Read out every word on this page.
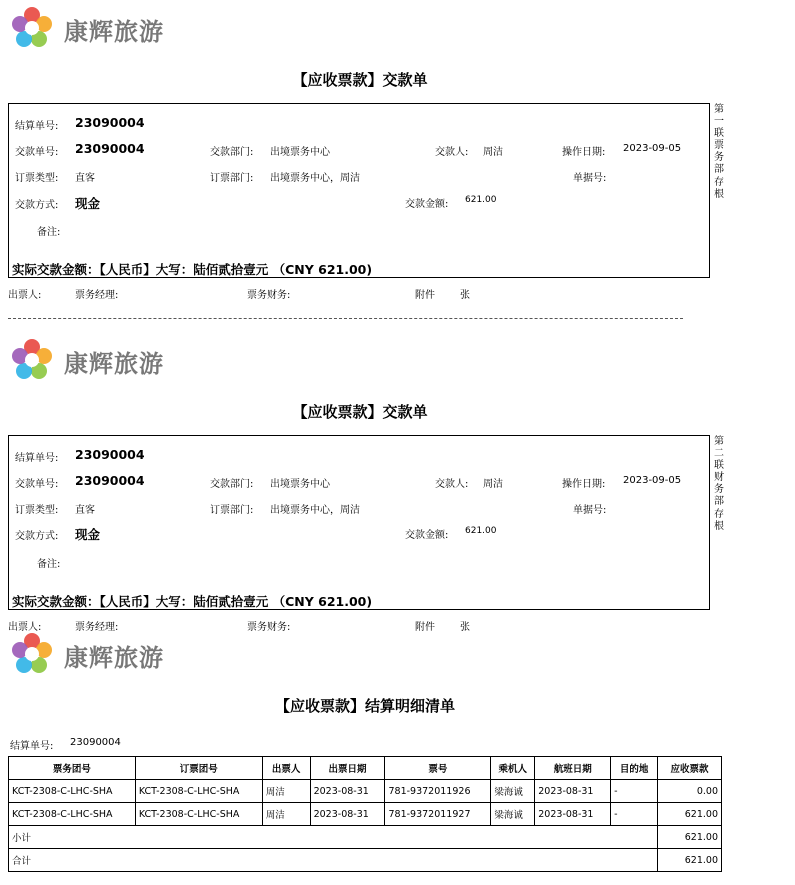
康辉旅游
【应收票款】交款单
结算单号: 23090004
交款单号: 23090004	交款部门: 出境票务中心	交款人: 周洁	操作日期: 2023-09-05
订票类型: 直客	订票部门: 出境票务中心，周洁	单据号:
交款方式: 现金	交款金额: 621.00
备注:
实际交款金额：【人民币】大写：陆佰贰拾壹元 （CNY 621.00)
第一联票务部存根
出票人:	票务经理:	票务财务:	附件	张
康辉旅游
【应收票款】交款单
结算单号: 23090004
交款单号: 23090004	交款部门: 出境票务中心	交款人: 周洁	操作日期: 2023-09-05
订票类型: 直客	订票部门: 出境票务中心，周洁	单据号:
交款方式: 现金	交款金额: 621.00
备注:
实际交款金额：【人民币】大写：陆佰贰拾壹元 （CNY 621.00)
第二联财务部存根
出票人:	票务经理:	票务财务:	附件	张
康辉旅游
【应收票款】结算明细清单
结算单号: 23090004
票务团号	订票团号	出票人	出票日期	票号	乘机人	航班日期	目的地	应收票款
KCT-2308-C-LHC-SHA	KCT-2308-C-LHC-SHA	周洁	2023-08-31	781-9372011926	梁海诚	2023-08-31	-	0.00
KCT-2308-C-LHC-SHA	KCT-2308-C-LHC-SHA	周洁	2023-08-31	781-9372011927	梁海诚	2023-08-31	-	621.00
小计								621.00
合计								621.00
